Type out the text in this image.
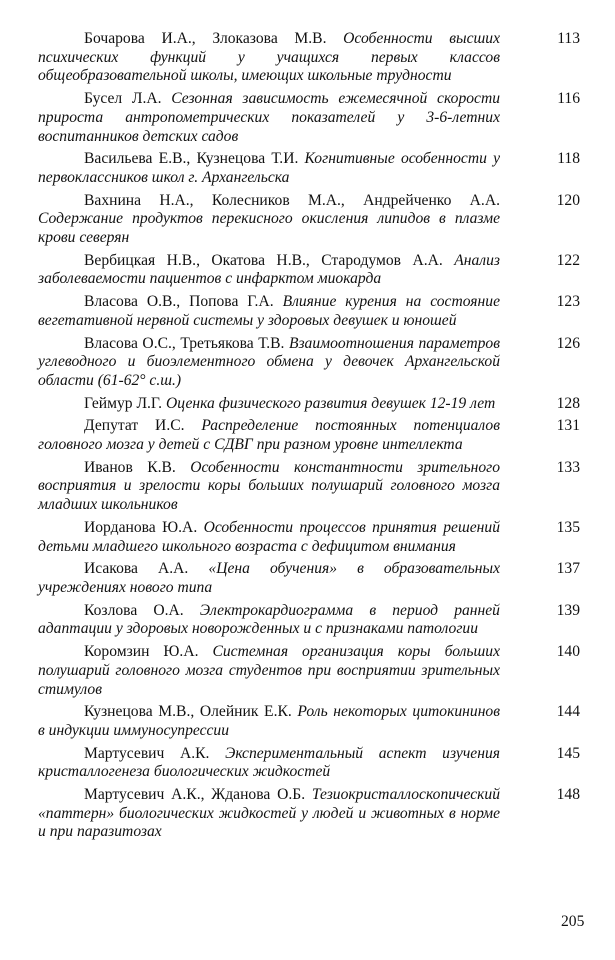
Бочарова И.А., Злоказова М.В. Особенности высших психических функций у учащихся первых классов общеобразовательной школы, имеющих школьные трудности
113
Бусел Л.А. Сезонная зависимость ежемесячной скорости прироста антропометрических показателей у 3-6-летних воспитанников детских садов
116
Васильева Е.В., Кузнецова Т.И. Когнитивные особенности у первоклассников школ г. Архангельска
118
Вахнина Н.А., Колесников М.А., Андрейченко А.А. Содержание продуктов перекисного окисления липидов в плазме крови северян
120
Вербицкая Н.В., Окатова Н.В., Стародумов А.А. Анализ заболеваемости пациентов с инфарктом миокарда
122
Власова О.В., Попова Г.А. Влияние курения на состояние вегетативной нервной системы у здоровых девушек и юношей
123
Власова О.С., Третьякова Т.В. Взаимоотношения параметров углеводного и биоэлементного обмена у девочек Архангельской области (61-62° с.ш.)
126
Геймур Л.Г. Оценка физического развития девушек 12-19 лет	128
Депутат И.С. Распределение постоянных потенциалов головного мозга у детей с СДВГ при разном уровне интеллекта
131
Иванов К.В. Особенности константности зрительного восприятия и зрелости коры больших полушарий головного мозга младших школьников
133
Иорданова Ю.А. Особенности процессов принятия решений детьми младшего школьного возраста с дефицитом внимания
135
Исакова А.А. «Цена обучения» в образовательных учреждениях нового типа
137
Козлова О.А. Электрокардиограмма в период ранней адаптации у здоровых новорожденных и с признаками патологии
139
Коромзин Ю.А. Системная организация коры больших полушарий головного мозга студентов при восприятии зрительных стимулов
140
Кузнецова М.В., Олейник Е.К. Роль некоторых цитокининов в индукции иммуносупрессии
144
Мартусевич А.К. Экспериментальный аспект изучения кристаллогенеза биологических жидкостей
145
Мартусевич А.К., Жданова О.Б. Тезиокристаллоскопический «паттерн» биологических жидкостей у людей и животных в норме и при паразитозах
148
205
